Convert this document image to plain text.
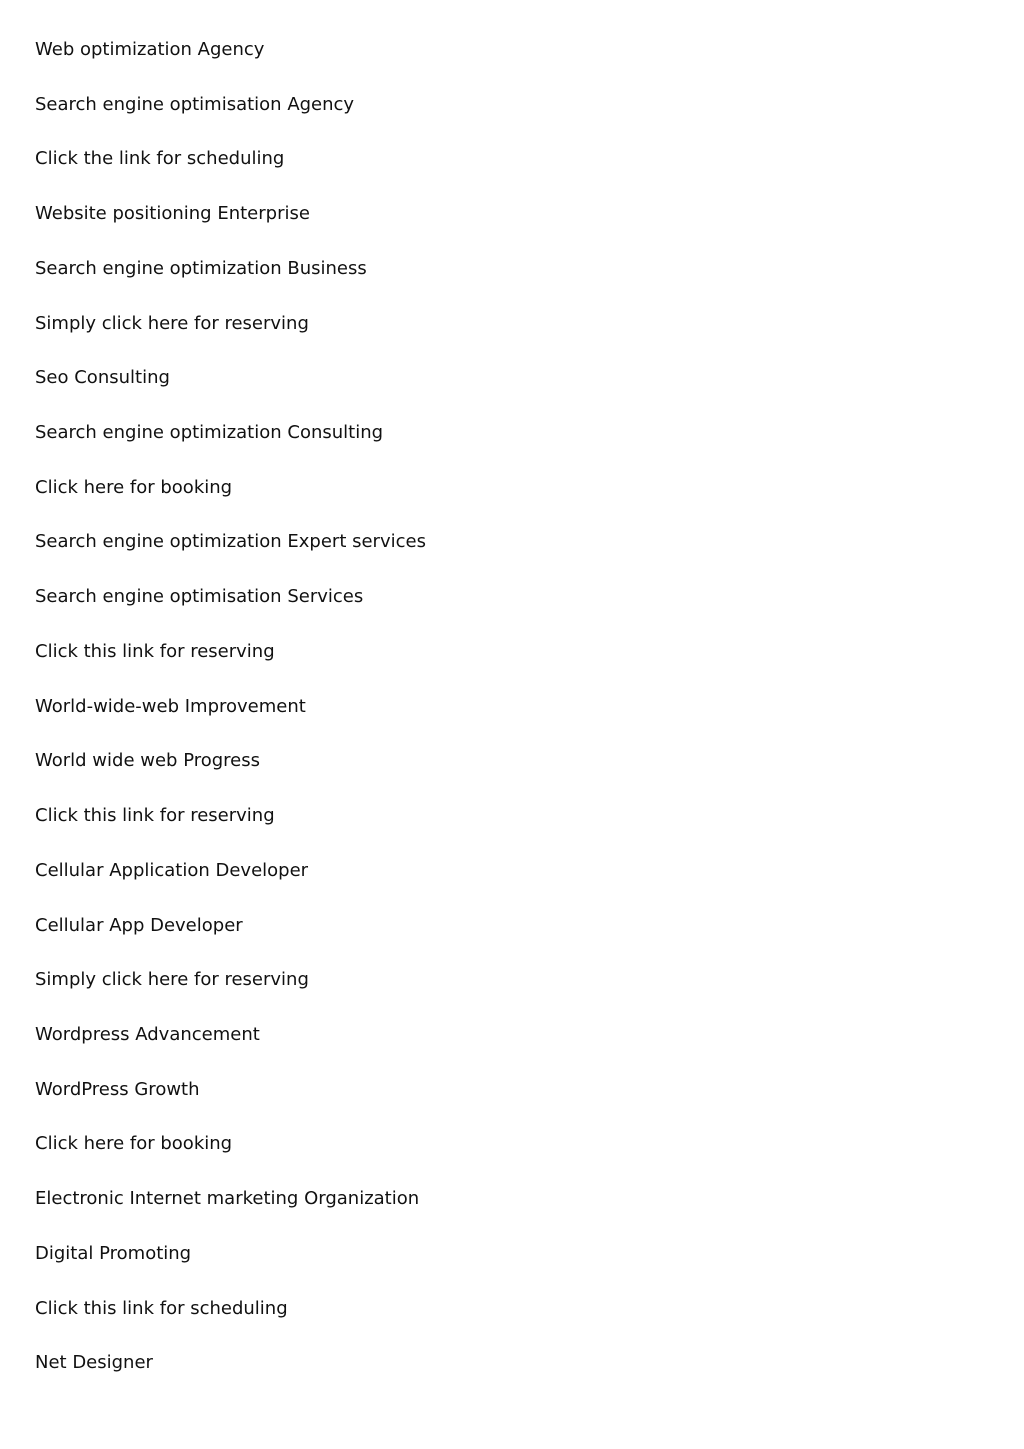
Web optimization Agency

Search engine optimisation Agency

Click the link for scheduling

Website positioning Enterprise

Search engine optimization Business

Simply click here for reserving

Seo Consulting

Search engine optimization Consulting

Click here for booking

Search engine optimization Expert services

Search engine optimisation Services

Click this link for reserving

World-wide-web Improvement

World wide web Progress

Click this link for reserving

Cellular Application Developer

Cellular App Developer

Simply click here for reserving

Wordpress Advancement

WordPress Growth

Click here for booking

Electronic Internet marketing Organization

Digital Promoting

Click this link for scheduling

Net Designer
